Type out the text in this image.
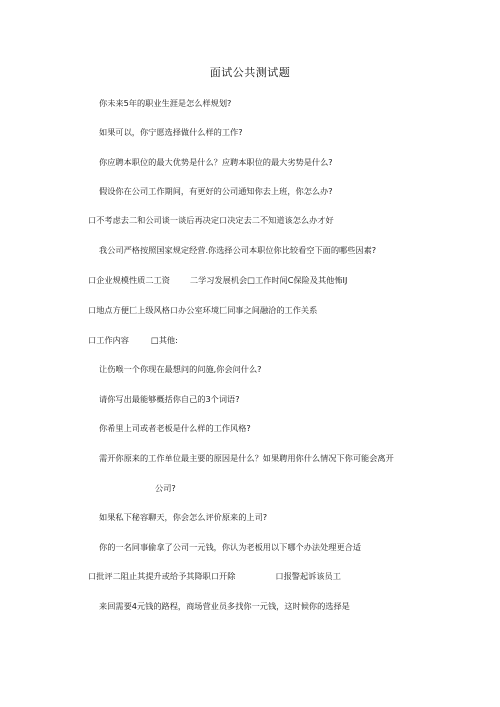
面试公共测试题
你未来5年的职业生涯是怎么样规划?
如果可以，你宁愿选择做什么样的工作?
你应聘本职位的最大优势是什么？应聘本职位的最大劣势是什么?
假设你在公司工作期间，有更好的公司通知你去上班，你怎么办?
口不考虑去二和公司谈一谈后再决定口决定去二不知道该怎么办才好
我公司严格按照国家规定经营.你选择公司本职位你比较看空下面的哪些因素?
口企业规模性质二工资 二学习发展机会□工作时间C保险及其他怖IJ
口地点方便匚上级风格口办公室环境匚同事之间融洽的工作关系
口工作内容	□其他:
让伤喉一个你现在最想问的问施,你会问什么?
请你写出最能够概括你自己的3个词语?
你希里上司或者老板是什么样的工作风格?
需开你原来的工作单位最主要的原因是什么？如果聘用你什么情况下你可能会离开
公司?
如果私下秘容聊天，你会怎么评价原来的上司?
你的一名同事偷拿了公司一元钱，你认为老板用以下哪个办法处理更合适
口批评二阻止其提升或给予其降职口开除	口报警起诉该员工
来回需要4元钱的路程，商场营业员多找你一元钱，这时候你的选择是
